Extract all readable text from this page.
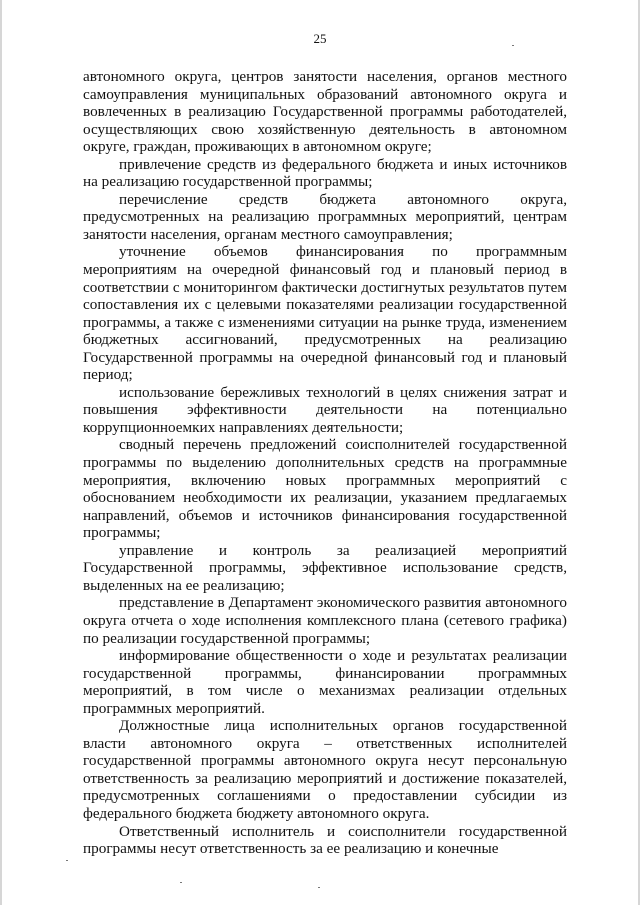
25

автономного округа, центров занятости населения, органов местного самоуправления муниципальных образований автономного округа и вовлеченных в реализацию Государственной программы работодателей, осуществляющих свою хозяйственную деятельность в автономном округе, граждан, проживающих в автономном округе;

привлечение средств из федерального бюджета и иных источников на реализацию государственной программы;

перечисление средств бюджета автономного округа, предусмотренных на реализацию программных мероприятий, центрам занятости населения, органам местного самоуправления;

уточнение объемов финансирования по программным мероприятиям на очередной финансовый год и плановый период в соответствии с мониторингом фактически достигнутых результатов путем сопоставления их с целевыми показателями реализации государственной программы, а также с изменениями ситуации на рынке труда, изменением бюджетных ассигнований, предусмотренных на реализацию Государственной программы на очередной финансовый год и плановый период;

использование бережливых технологий в целях снижения затрат и повышения эффективности деятельности на потенциально коррупционноемких направлениях деятельности;

сводный перечень предложений соисполнителей государственной программы по выделению дополнительных средств на программные мероприятия, включению новых программных мероприятий с обоснованием необходимости их реализации, указанием предлагаемых направлений, объемов и источников финансирования государственной программы;

управление и контроль за реализацией мероприятий Государственной программы, эффективное использование средств, выделенных на ее реализацию;

представление в Департамент экономического развития автономного округа отчета о ходе исполнения комплексного плана (сетевого графика) по реализации государственной программы;

информирование общественности о ходе и результатах реализации государственной программы, финансировании программных мероприятий, в том числе о механизмах реализации отдельных программных мероприятий.

Должностные лица исполнительных органов государственной власти автономного округа – ответственных исполнителей государственной программы автономного округа несут персональную ответственность за реализацию мероприятий и достижение показателей, предусмотренных соглашениями о предоставлении субсидии из федерального бюджета бюджету автономного округа.

Ответственный исполнитель и соисполнители государственной программы несут ответственность за ее реализацию и конечные
